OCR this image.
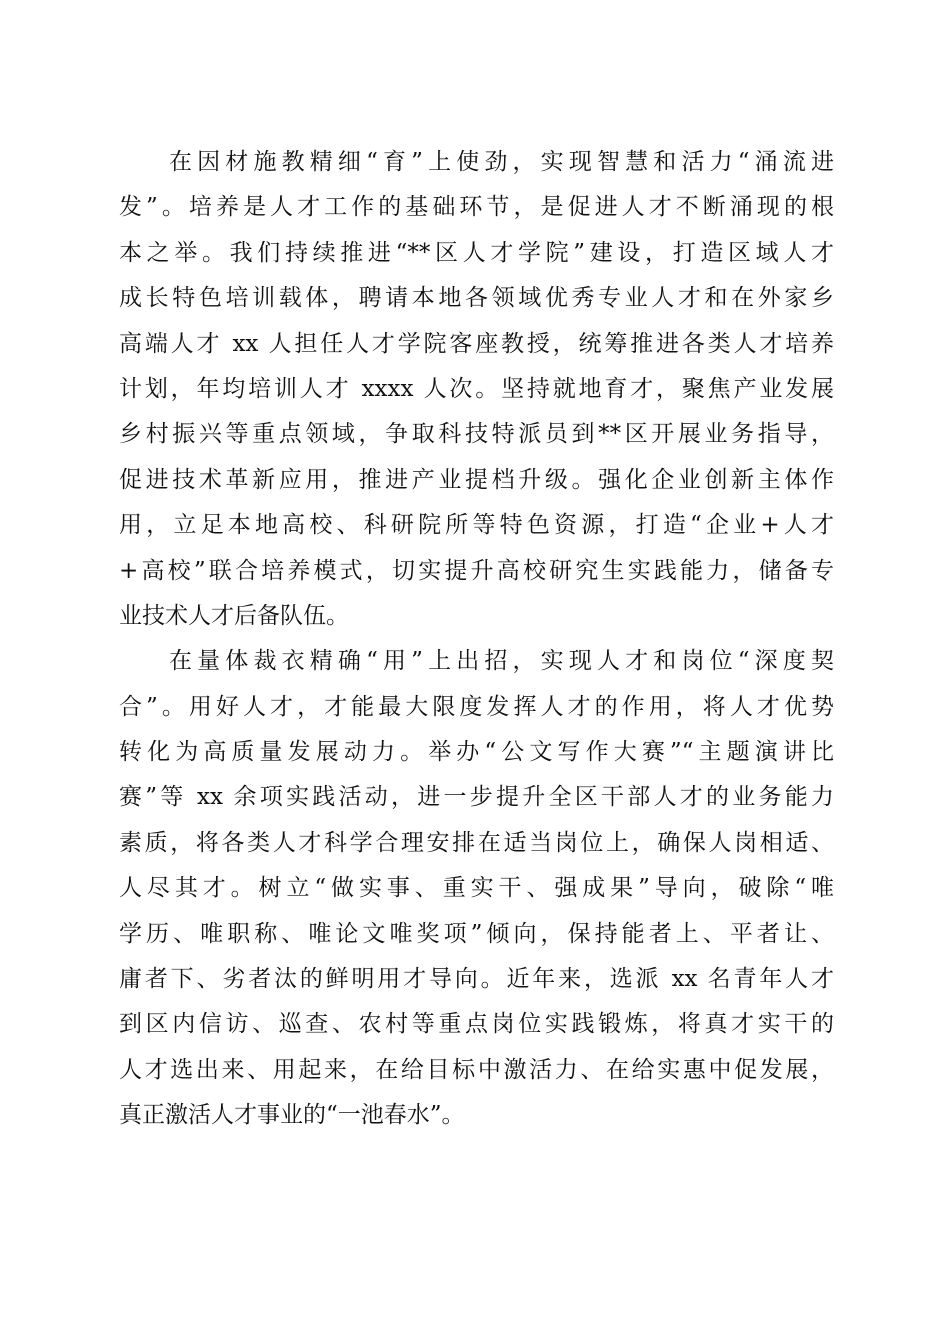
在因材施教精细“育”上使劲，实现智慧和活力“涌流进
发”。培养是人才工作的基础环节，是促进人才不断涌现的根
本之举。我们持续推进“**区人才学院”建设，打造区域人才
成长特色培训载体，聘请本地各领域优秀专业人才和在外家乡
高端人才 xx 人担任人才学院客座教授，统筹推进各类人才培养
计划，年均培训人才 xxxx 人次。坚持就地育才，聚焦产业发展
乡村振兴等重点领域，争取科技特派员到**区开展业务指导，
促进技术革新应用，推进产业提档升级。强化企业创新主体作
用，立足本地高校、科研院所等特色资源，打造“企业+人才
+高校”联合培养模式，切实提升高校研究生实践能力，储备专
业技术人才后备队伍。
在量体裁衣精确“用”上出招，实现人才和岗位“深度契
合”。用好人才，才能最大限度发挥人才的作用，将人才优势
转化为高质量发展动力。举办“公文写作大赛”“主题演讲比
赛”等 xx 余项实践活动，进一步提升全区干部人才的业务能力
素质，将各类人才科学合理安排在适当岗位上，确保人岗相适、
人尽其才。树立“做实事、重实干、强成果”导向，破除“唯
学历、唯职称、唯论文唯奖项”倾向，保持能者上、平者让、
庸者下、劣者汰的鲜明用才导向。近年来，选派 xx 名青年人才
到区内信访、巡查、农村等重点岗位实践锻炼，将真才实干的
人才选出来、用起来，在给目标中激活力、在给实惠中促发展，
真正激活人才事业的“一池春水”。
